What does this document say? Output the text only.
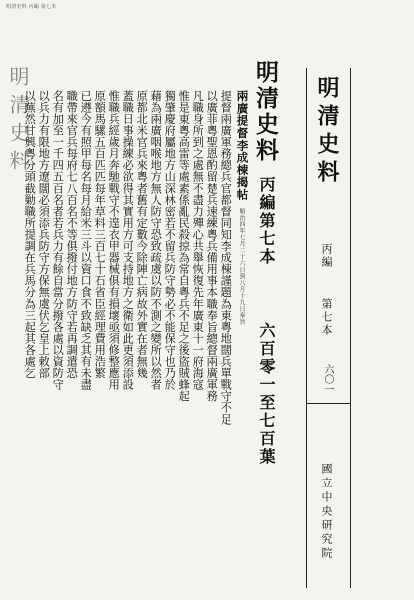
明清史料 丙編 第七本
明清史料	明清史料
丙編第七本
六百零一至七百葉
兩廣提督李成棟揭帖
順治四年七月二十六日到八月十九日奉旨
提督兩廣軍務總兵官都督同知李成棟謹題為東粵地闊兵單戰守不足
以廣菲粵聖恩酌留楚兵速練粵兵備用事本職奉旨總督兩廣軍務
凡職身所到之處無不盡力殫心共舉恢復先年廣東十一府海寇
惟是東粵高雷等處素係亂民殺掠為常自粵兵不足之後盜賊蜂起
獨肇慶府屬地方山深林密若不留兵防守勢必不能保守也乃於
藉為兩廣咽喉地方無人防守恐致疏虞以防不測之變所以然者
原都北米官兵來粵者舊有定數今除陣亡病故外實在者無幾
蓋職日事操練必欲得其實用方可支持地方之衛如此更須添設
惟職兵經歲月奔馳戰守不遑衣甲器械俱有損壞亟須修整應用
原額馬騾五百匹匹每年草料三百七十石省臣經理費用浩繁
已遵今有照甲每名每月給米三斗以資口食不致缺乏其有未盡
職帶來官兵每府七八百名不等俱撥付地方防守若再調遣恐
名有加至一千四五百名者若兵力有餘自當分撥各處以資防守
以兵力有限地方遼闊必須添兵防守方保無虞伏乞皇上敕部
以蕪然甘興粵分頭截勦職所提調在兵馬分為三起其各處乞	明清史料
丙編
第七本
六〇一
國立中央研究院
